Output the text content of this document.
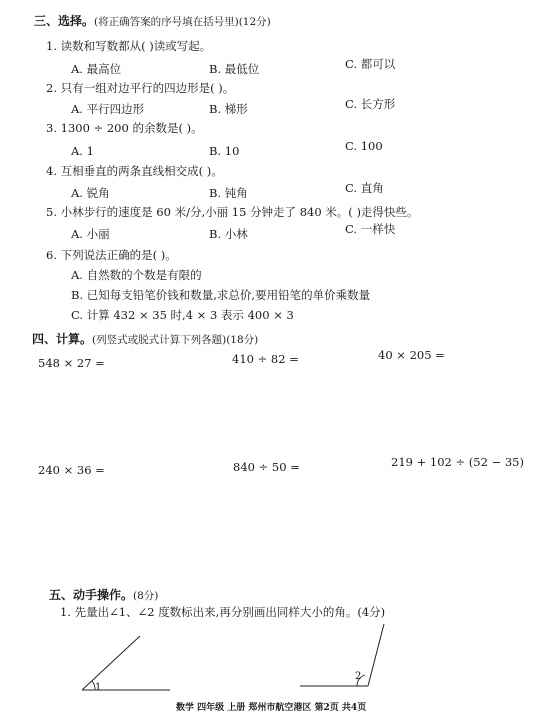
三、选择。(将正确答案的序号填在括号里)(12分)
1. 读数和写数都从( )读或写起。
A. 最高位	B. 最低位	C. 都可以
2. 只有一组对边平行的四边形是( )。
A. 平行四边形	B. 梯形	C. 长方形
3. 1300 ÷ 200 的余数是( )。
A. 1	B. 10	C. 100
4. 互相垂直的两条直线相交成( )。
A. 锐角	B. 钝角	C. 直角
5. 小林步行的速度是 60 米/分,小丽 15 分钟走了 840 米。( )走得快些。
A. 小丽	B. 小林	C. 一样快
6. 下列说法正确的是( )。
A. 自然数的个数是有限的
B. 已知每支铅笔价钱和数量,求总价,要用铅笔的单价乘数量
C. 计算 432 × 35 时,4 × 3 表示 400 × 3
四、计算。(列竖式或脱式计算下列各题)(18分)
548 × 27 =	410 ÷ 82 =	40 × 205 =
240 × 36 =	840 ÷ 50 =	219 + 102 ÷ (52 − 35)
五、动手操作。(8分)
1. 先量出∠1、∠2 度数标出来,再分别画出同样大小的角。(4分)
1
2
数学 四年级 上册 郑州市航空港区 第2页 共4页
